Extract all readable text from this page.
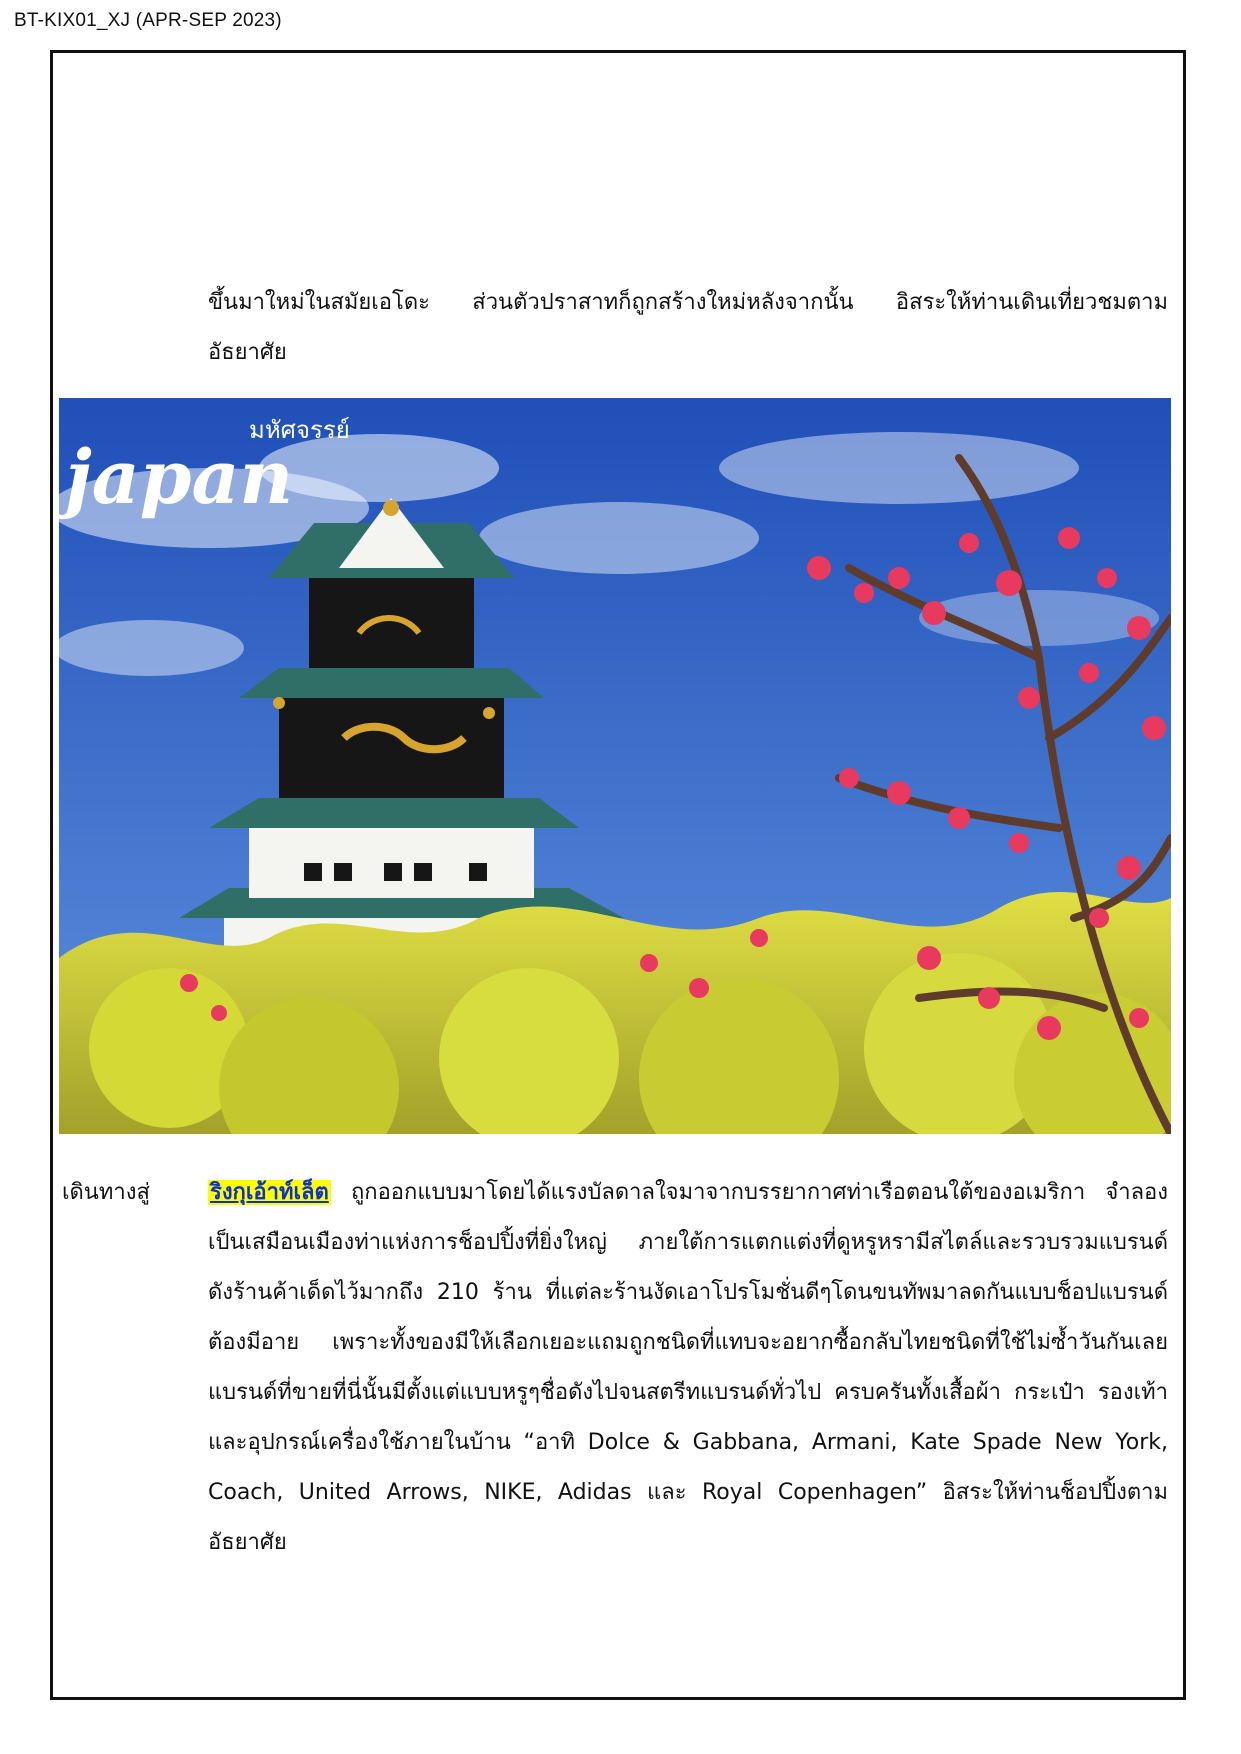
BT-KIX01_XJ (APR-SEP 2023)

ขึ้นมาใหม่ในสมัยเอโดะ ส่วนตัวปราสาทก็ถูกสร้างใหม่หลังจากนั้น อิสระให้ท่านเดินเที่ยวชมตามอัธยาศัย

มหัศจรรย์
japan
เดินทางสู่	ริงกุเอ้าท์เล็ต ถูกออกแบบมาโดยได้แรงบัลดาลใจมาจากบรรยากาศท่าเรือตอนใต้ของอเมริกา จำลองเป็นเสมือนเมืองท่าแห่งการช็อปปิ้งที่ยิ่งใหญ่ ภายใต้การแตกแต่งที่ดูหรูหรามีสไตล์และรวบรวมแบรนด์ดังร้านค้าเด็ดไว้มากถึง 210 ร้าน ที่แต่ละร้านงัดเอาโปรโมชั่นดีๆโดนขนทัพมาลดกันแบบช็อปแบรนด์ต้องมีอาย เพราะทั้งของมีให้เลือกเยอะแถมถูกชนิดที่แทบจะอยากซื้อกลับไทยชนิดที่ใช้ไม่ซ้ำวันกันเลย แบรนด์ที่ขายที่นี่นั้นมีตั้งแต่แบบหรูๆชื่อดังไปจนสตรีทแบรนด์ทั่วไป ครบครันทั้งเสื้อผ้า กระเป๋า รองเท้า และอุปกรณ์เครื่องใช้ภายในบ้าน “อาทิ Dolce & Gabbana, Armani, Kate Spade New York, Coach, United Arrows, NIKE, Adidas และ Royal Copenhagen” อิสระให้ท่านช็อปปิ้งตามอัธยาศัย
